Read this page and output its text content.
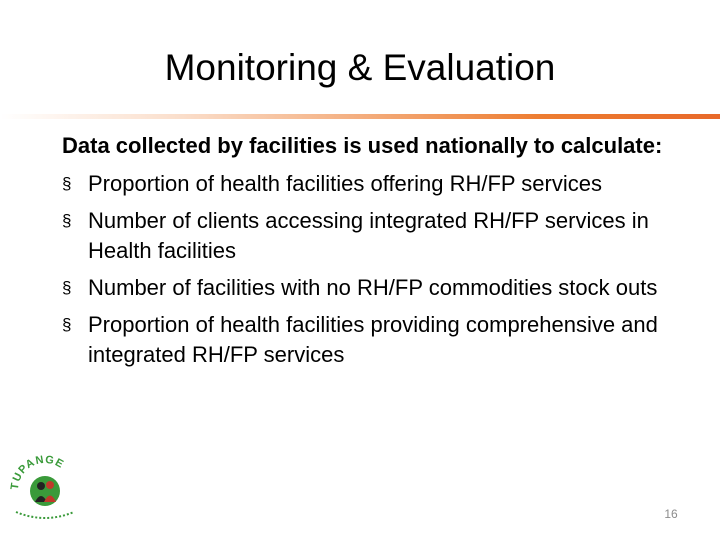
Monitoring & Evaluation

Data collected by facilities is used nationally to calculate:

§ Proportion of health facilities offering RH/FP services
§ Number of clients accessing integrated RH/FP services in Health facilities
§ Number of facilities with no RH/FP commodities stock outs
§ Proportion of health facilities providing comprehensive and integrated RH/FP services
TUPANGE
16
